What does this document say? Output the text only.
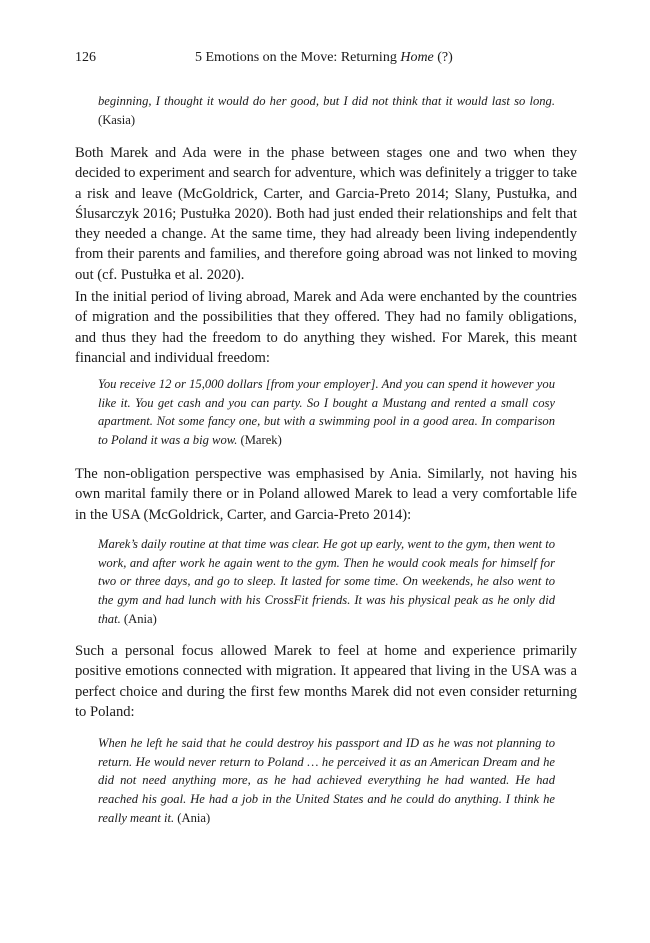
126	5 Emotions on the Move: Returning Home (?)

beginning, I thought it would do her good, but I did not think that it would last so long. (Kasia)

Both Marek and Ada were in the phase between stages one and two when they decided to experiment and search for adventure, which was definitely a trigger to take a risk and leave (McGoldrick, Carter, and Garcia-Preto 2014; Slany, Pustułka, and Ślusarczyk 2016; Pustułka 2020). Both had just ended their relationships and felt that they needed a change. At the same time, they had already been living independently from their parents and families, and therefore going abroad was not linked to moving out (cf. Pustułka et al. 2020).

In the initial period of living abroad, Marek and Ada were enchanted by the countries of migration and the possibilities that they offered. They had no family obligations, and thus they had the freedom to do anything they wished. For Marek, this meant financial and individual freedom:

You receive 12 or 15,000 dollars [from your employer]. And you can spend it however you like it. You get cash and you can party. So I bought a Mustang and rented a small cosy apartment. Not some fancy one, but with a swimming pool in a good area. In comparison to Poland it was a big wow. (Marek)

The non-obligation perspective was emphasised by Ania. Similarly, not having his own marital family there or in Poland allowed Marek to lead a very comfortable life in the USA (McGoldrick, Carter, and Garcia-Preto 2014):

Marek’s daily routine at that time was clear. He got up early, went to the gym, then went to work, and after work he again went to the gym. Then he would cook meals for himself for two or three days, and go to sleep. It lasted for some time. On weekends, he also went to the gym and had lunch with his CrossFit friends. It was his physical peak as he only did that. (Ania)

Such a personal focus allowed Marek to feel at home and experience primarily positive emotions connected with migration. It appeared that living in the USA was a perfect choice and during the first few months Marek did not even consider returning to Poland:

When he left he said that he could destroy his passport and ID as he was not planning to return. He would never return to Poland … he perceived it as an American Dream and he did not need anything more, as he had achieved everything he had wanted. He had reached his goal. He had a job in the United States and he could do anything. I think he really meant it. (Ania)
